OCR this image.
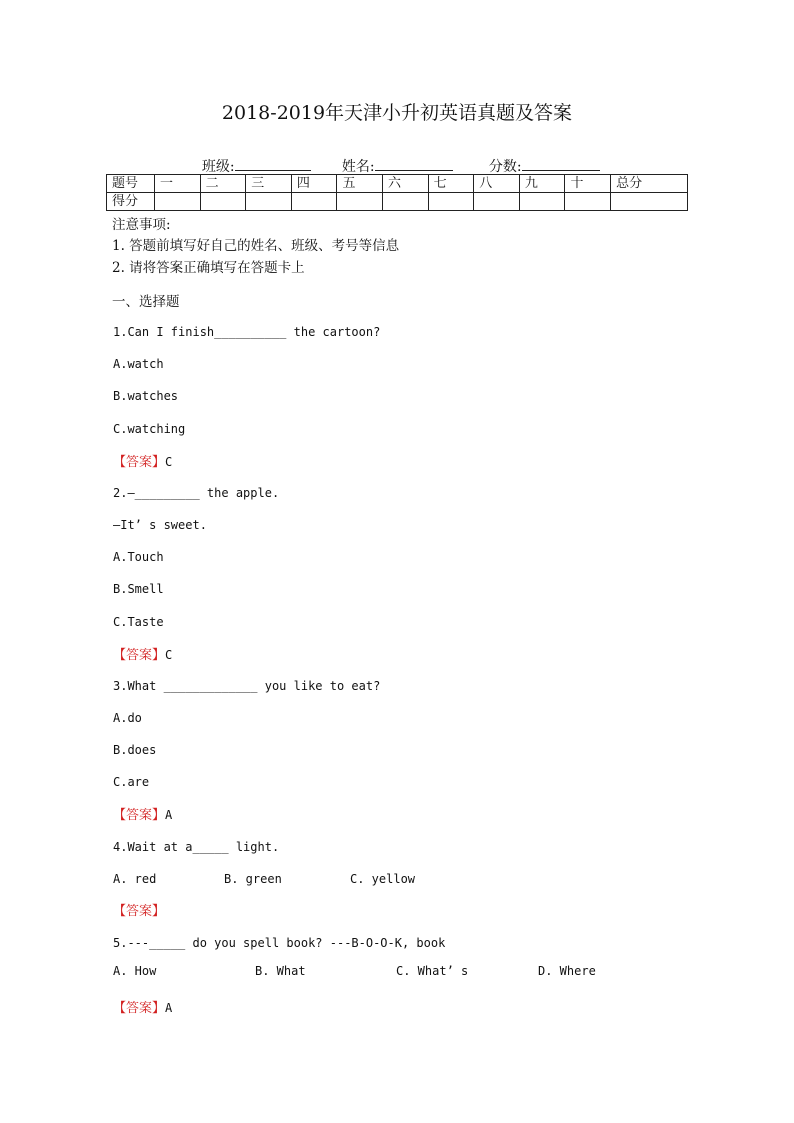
2018-2019年天津小升初英语真题及答案

班级:	姓名:	分数:

题号	一	二	三	四	五	六	七	八	九	十	总分
得分											
注意事项:
1. 答题前填写好自己的姓名、班级、考号等信息
2. 请将答案正确填写在答题卡上
一、选择题
1.Can I finish__________ the cartoon?
A.watch
B.watches
C.watching
【答案】C
2.—_________ the apple.
—It’ s sweet.
A.Touch
B.Smell
C.Taste
【答案】C
3.What _____________ you like to eat?
A.do
B.does
C.are
【答案】A
4.Wait at a_____ light.
A. red	B. green	C. yellow
【答案】
5.---_____ do you spell book? ---B-O-O-K, book
A. How	B. What	C. What’ s	D. Where
【答案】A
